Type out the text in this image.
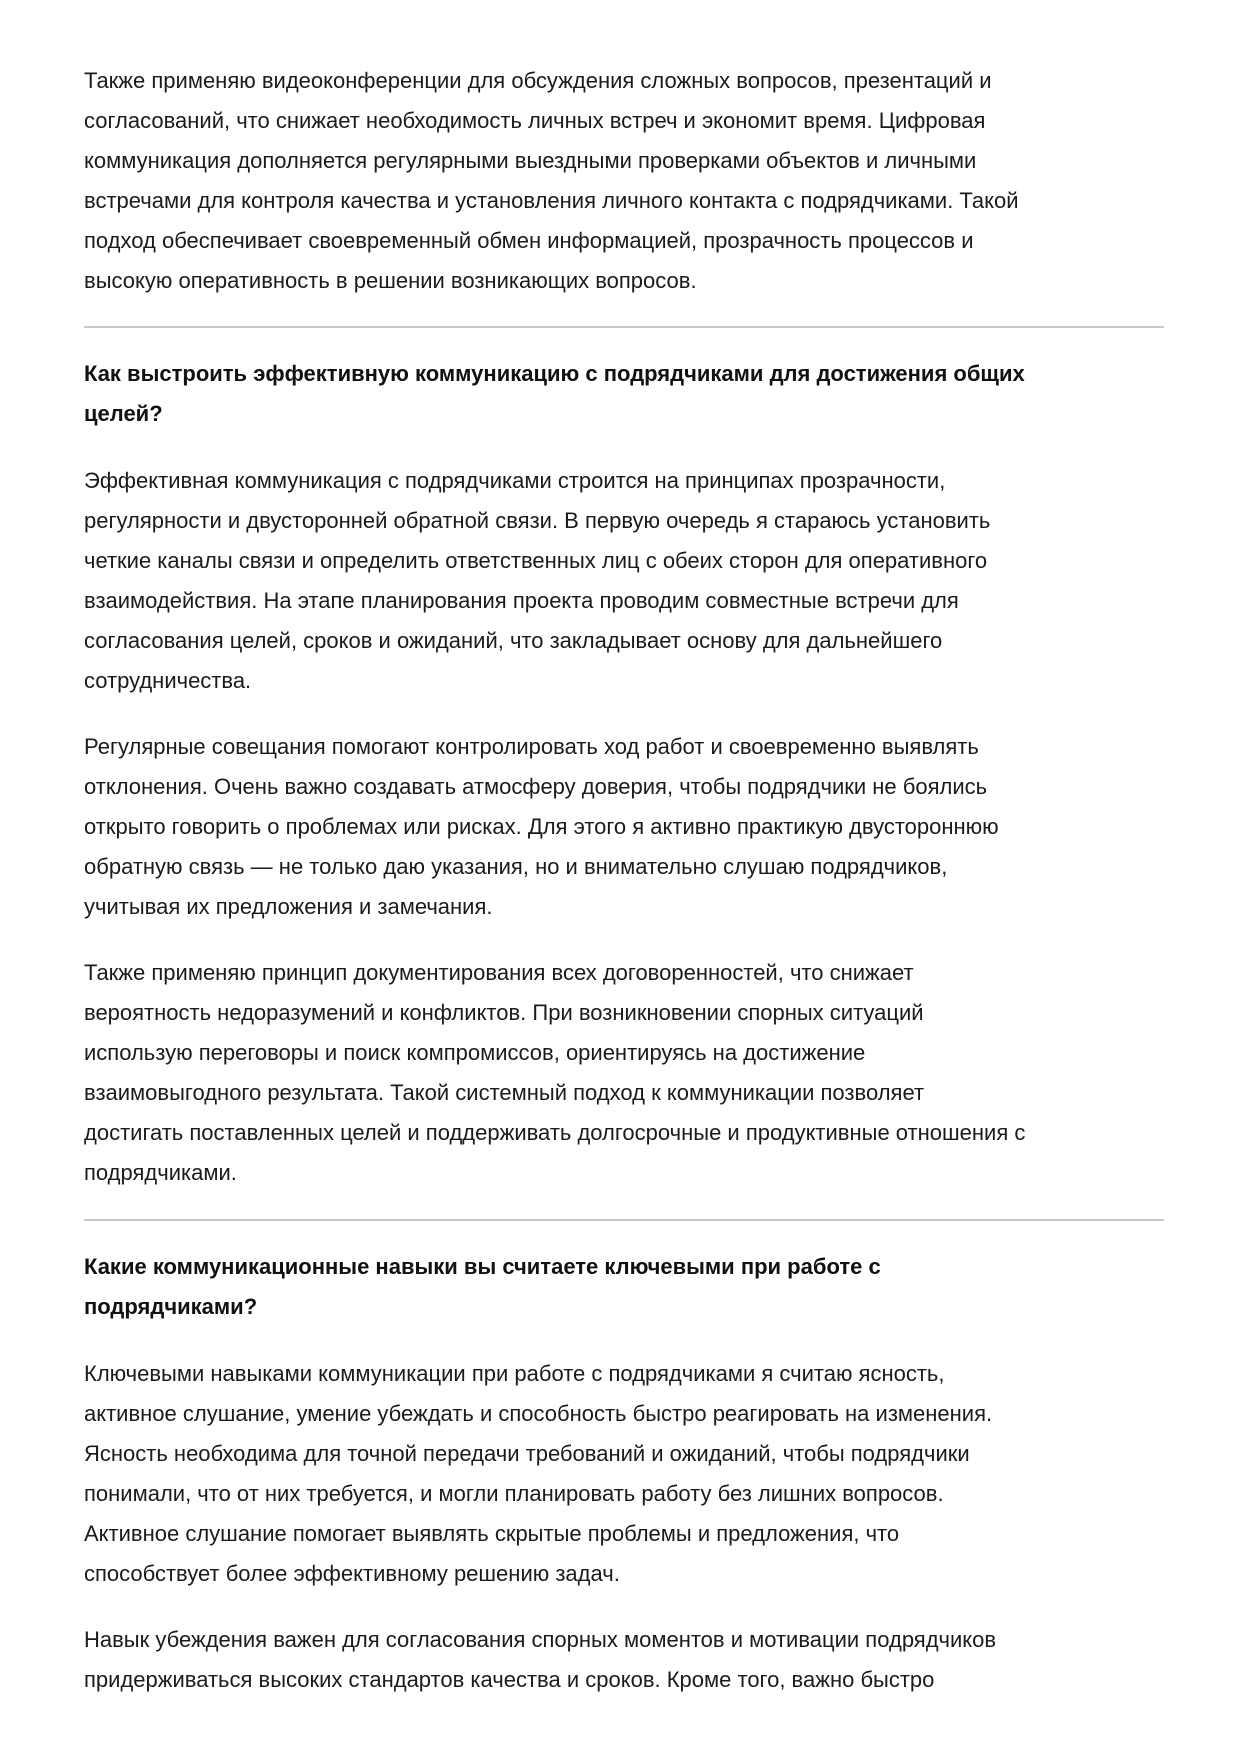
Также применяю видеоконференции для обсуждения сложных вопросов, презентаций и
согласований, что снижает необходимость личных встреч и экономит время. Цифровая
коммуникация дополняется регулярными выездными проверками объектов и личными
встречами для контроля качества и установления личного контакта с подрядчиками. Такой
подход обеспечивает своевременный обмен информацией, прозрачность процессов и
высокую оперативность в решении возникающих вопросов.

Как выстроить эффективную коммуникацию с подрядчиками для достижения общих
целей?

Эффективная коммуникация с подрядчиками строится на принципах прозрачности,
регулярности и двусторонней обратной связи. В первую очередь я стараюсь установить
четкие каналы связи и определить ответственных лиц с обеих сторон для оперативного
взаимодействия. На этапе планирования проекта проводим совместные встречи для
согласования целей, сроков и ожиданий, что закладывает основу для дальнейшего
сотрудничества.

Регулярные совещания помогают контролировать ход работ и своевременно выявлять
отклонения. Очень важно создавать атмосферу доверия, чтобы подрядчики не боялись
открыто говорить о проблемах или рисках. Для этого я активно практикую двустороннюю
обратную связь — не только даю указания, но и внимательно слушаю подрядчиков,
учитывая их предложения и замечания.

Также применяю принцип документирования всех договоренностей, что снижает
вероятность недоразумений и конфликтов. При возникновении спорных ситуаций
использую переговоры и поиск компромиссов, ориентируясь на достижение
взаимовыгодного результата. Такой системный подход к коммуникации позволяет
достигать поставленных целей и поддерживать долгосрочные и продуктивные отношения с
подрядчиками.

Какие коммуникационные навыки вы считаете ключевыми при работе с
подрядчиками?

Ключевыми навыками коммуникации при работе с подрядчиками я считаю ясность,
активное слушание, умение убеждать и способность быстро реагировать на изменения.
Ясность необходима для точной передачи требований и ожиданий, чтобы подрядчики
понимали, что от них требуется, и могли планировать работу без лишних вопросов.
Активное слушание помогает выявлять скрытые проблемы и предложения, что
способствует более эффективному решению задач.

Навык убеждения важен для согласования спорных моментов и мотивации подрядчиков
придерживаться высоких стандартов качества и сроков. Кроме того, важно быстро
